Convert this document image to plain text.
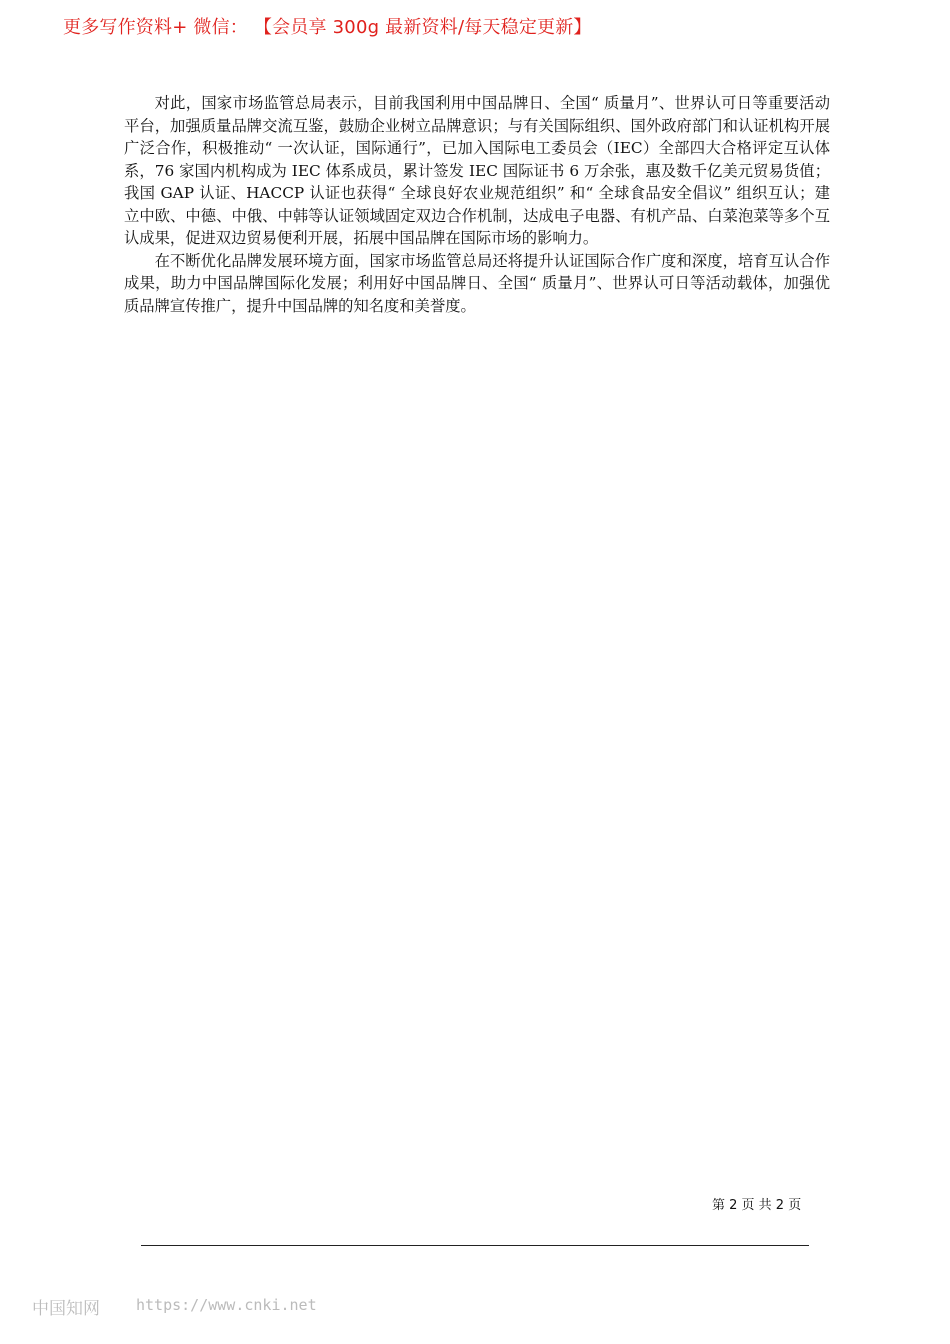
更多写作资料+ 微信： 【会员享 300g 最新资料/每天稳定更新】

对此，国家市场监管总局表示，目前我国利用中国品牌日、全国“ 质量月”、世界认可日等重要活动平台，加强质量品牌交流互鉴，鼓励企业树立品牌意识；与有关国际组织、国外政府部门和认证机构开展广泛合作，积极推动“ 一次认证，国际通行”，已加入国际电工委员会（IEC）全部四大合格评定互认体系，76 家国内机构成为 IEC 体系成员，累计签发 IEC 国际证书 6 万余张，惠及数千亿美元贸易货值；我国 GAP 认证、HACCP 认证也获得“ 全球良好农业规范组织” 和“ 全球食品安全倡议” 组织互认；建立中欧、中德、中俄、中韩等认证领域固定双边合作机制，达成电子电器、有机产品、白菜泡菜等多个互认成果，促进双边贸易便利开展，拓展中国品牌在国际市场的影响力。

在不断优化品牌发展环境方面，国家市场监管总局还将提升认证国际合作广度和深度，培育互认合作成果，助力中国品牌国际化发展；利用好中国品牌日、全国“ 质量月”、世界认可日等活动载体，加强优质品牌宣传推广，提升中国品牌的知名度和美誉度。

第 2 页 共 2 页
中国知网 https://www.cnki.net
